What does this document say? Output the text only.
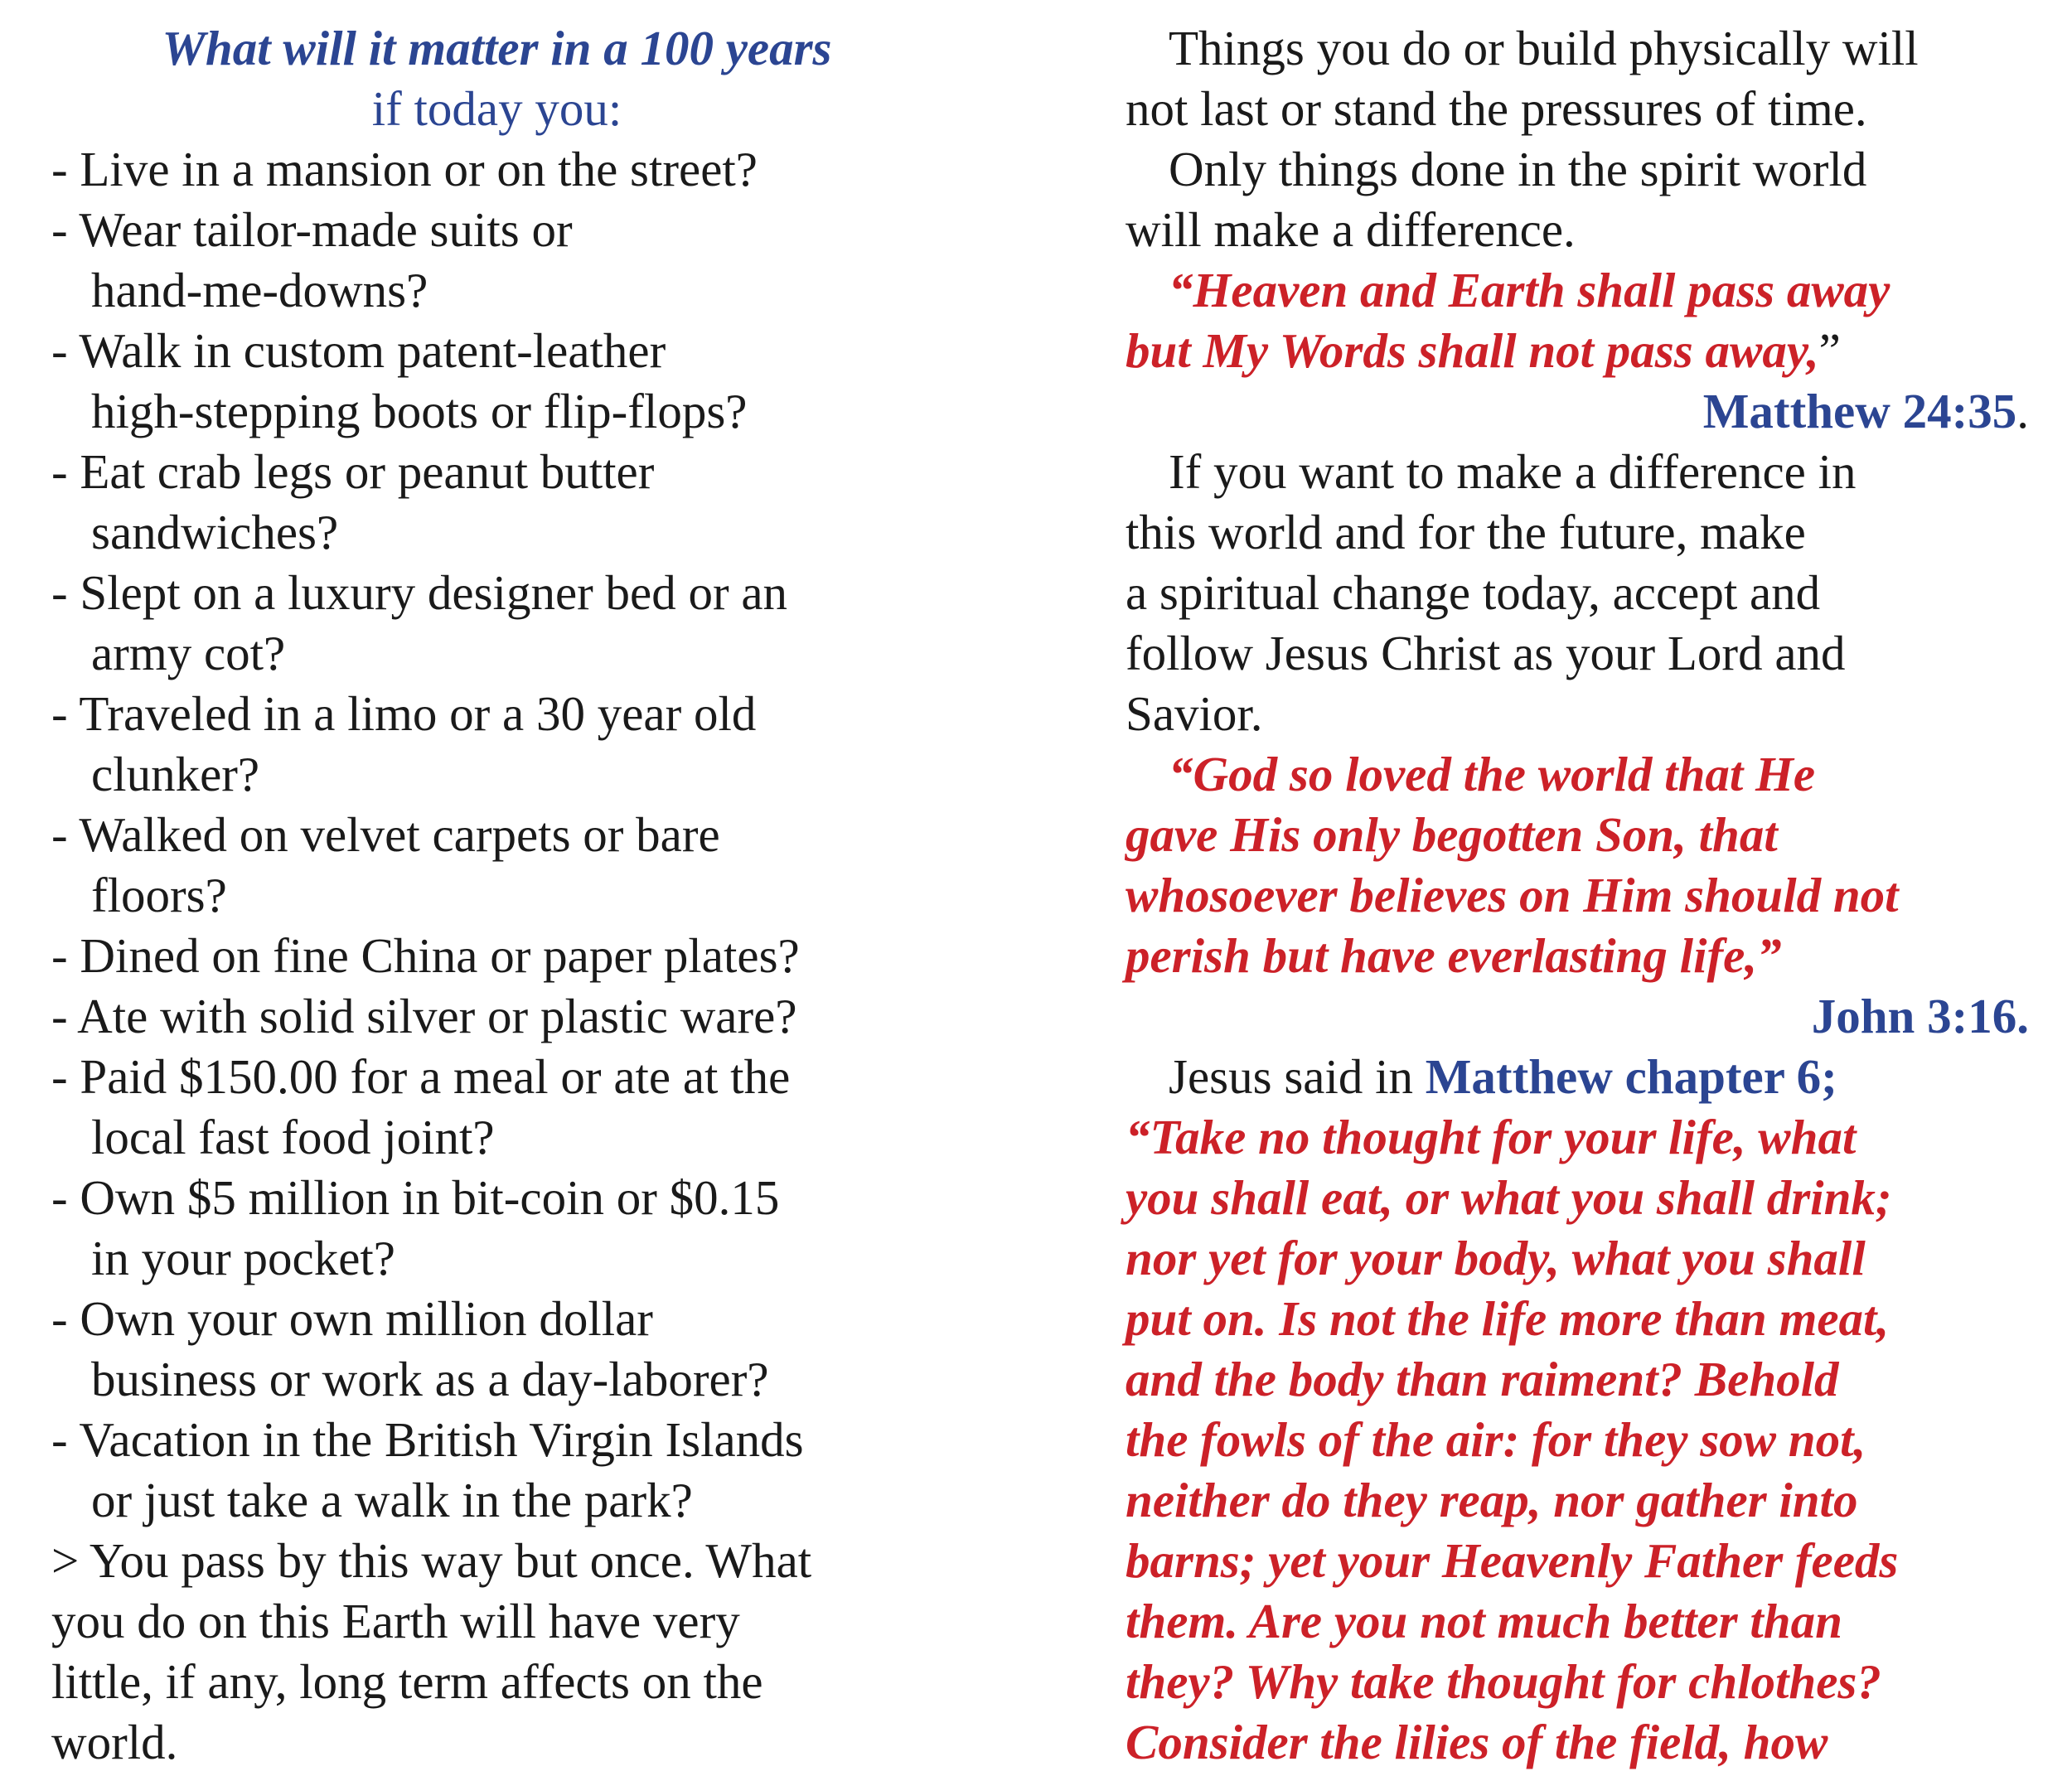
What will it matter in a 100 years
if today you:
- Live in a mansion or on the street?
- Wear tailor-made suits or
hand-me-downs?
- Walk in custom patent-leather
high-stepping boots or flip-flops?
- Eat crab legs or peanut butter
sandwiches?
- Slept on a luxury designer bed or an
army cot?
- Traveled in a limo or a 30 year old
clunker?
- Walked on velvet carpets or bare
floors?
- Dined on fine China or paper plates?
- Ate with solid silver or plastic ware?
- Paid $150.00 for a meal or ate at the
local fast food joint?
- Own $5 million in bit-coin or $0.15
in your pocket?
- Own your own million dollar
business or work as a day-laborer?
- Vacation in the British Virgin Islands
or just take a walk in the park?
> You pass by this way but once. What
you do on this Earth will have very
little, if any, long term affects on the
world.
Things you do or build physically will
not last or stand the pressures of time.
Only things done in the spirit world
will make a difference.
“Heaven and Earth shall pass away
but My Words shall not pass away,”
Matthew 24:35.
If you want to make a difference in
this world and for the future, make
a spiritual change today, accept and
follow Jesus Christ as your Lord and
Savior.
“God so loved the world that He
gave His only begotten Son, that
whosoever believes on Him should not
perish but have everlasting life,”
John 3:16.
Jesus said in Matthew chapter 6;
“Take no thought for your life, what
you shall eat, or what you shall drink;
nor yet for your body, what you shall
put on. Is not the life more than meat,
and the body than raiment? Behold
the fowls of the air: for they sow not,
neither do they reap, nor gather into
barns; yet your Heavenly Father feeds
them. Are you not much better than
they? Why take thought for chlothes?
Consider the lilies of the field, how
